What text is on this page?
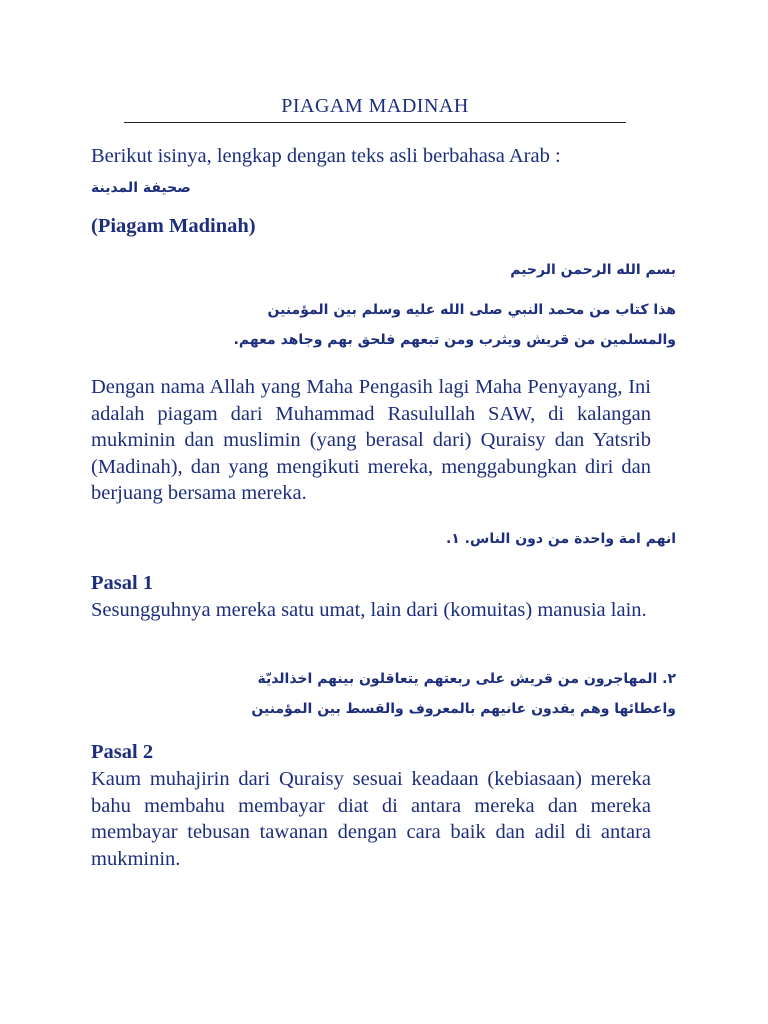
PIAGAM MADINAH
Berikut isinya, lengkap dengan teks asli berbahasa Arab :
صحيفة المدينة
(Piagam Madinah)
بسم الله الرحمن الرحيم
هذا كتاب من محمد النبي صلى الله عليه وسلم بين المؤمنين
والمسلمين من قريش ويثرب ومن تبعهم فلحق بهم وجاهد معهم.
Dengan nama Allah yang Maha Pengasih lagi Maha Penyayang, Ini adalah piagam dari Muhammad Rasulullah SAW, di kalangan mukminin dan muslimin (yang berasal dari) Quraisy dan Yatsrib (Madinah), dan yang mengikuti mereka, menggabungkan diri dan berjuang bersama mereka.
انهم امة واحدة من دون الناس. ١.
Pasal 1
Sesungguhnya mereka satu umat, lain dari (komuitas) manusia lain.
٢. المهاجرون من قريش على ربعتهم يتعاقلون بينهم اخذالديّة
واعطائها وهم يفدون عانيهم بالمعروف والقسط بين المؤمنين
Pasal 2
Kaum muhajirin dari Quraisy sesuai keadaan (kebiasaan) mereka bahu membahu membayar diat di antara mereka dan mereka membayar tebusan tawanan dengan cara baik dan adil di antara mukminin.
